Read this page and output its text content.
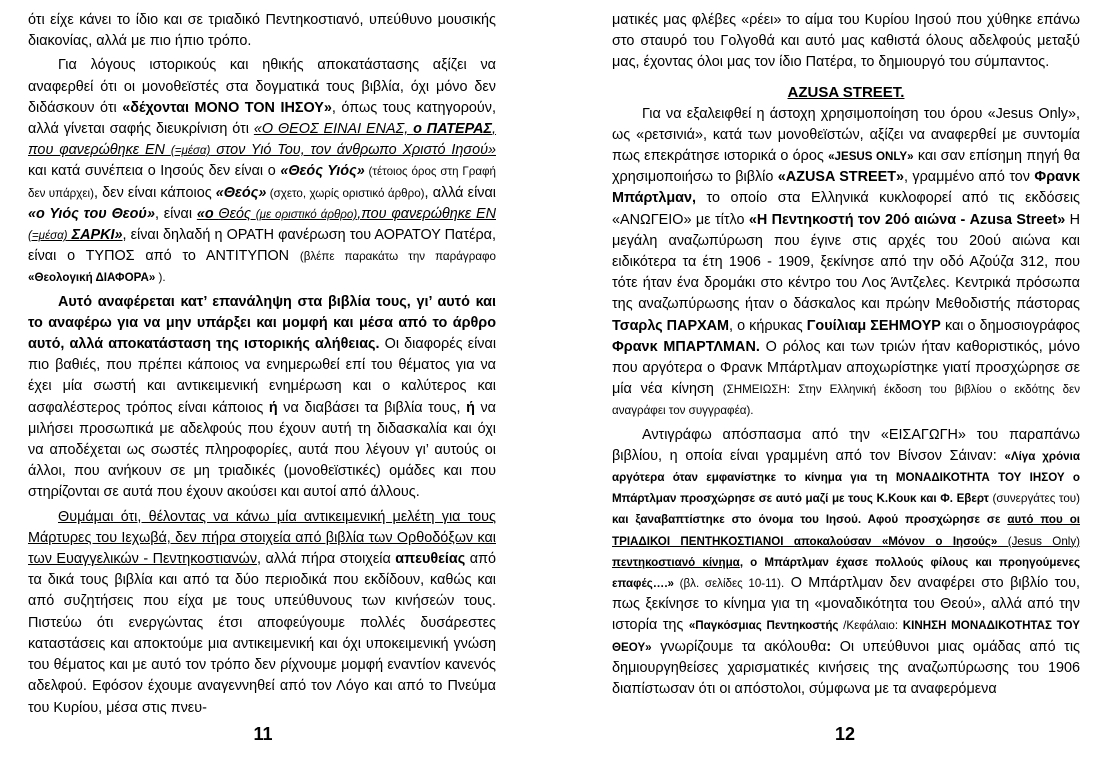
ότι είχε κάνει το ίδιο και σε τριαδικό Πεντηκοστιανό, υπεύθυνο μουσικής διακονίας, αλλά με πιο ήπιο τρόπο.

Για λόγους ιστορικούς και ηθικής αποκατάστασης αξίζει να αναφερθεί ότι οι μονοθεϊστές στα δογματικά τους βιβλία, όχι μόνο δεν διδάσκουν ότι «δέχονται ΜΟΝΟ ΤΟΝ ΙΗΣΟΥ», όπως τους κατηγορούν, αλλά γίνεται σαφής διευκρίνιση ότι «Ο ΘΕΟΣ ΕΙΝΑΙ ΕΝΑΣ, ο ΠΑΤΕΡΑΣ, που φανερώθηκε ΕΝ (=μέσα) στον Υιό Του, τον άνθρωπο Χριστό Ιησού» και κατά συνέπεια ο Ιησούς δεν είναι ο «Θεός Υιός» (τέτοιος όρος στη Γραφή δεν υπάρχει), δεν είναι κάποιος «Θεός» (σχετο, χωρίς οριστικό άρθρο), αλλά είναι «ο Υιός του Θεού», είναι «ο Θεός (με οριστικό άρθρο),που φανερώθηκε ΕΝ (=μέσα) ΣΑΡΚΙ», είναι δηλαδή η ΟΡΑΤΗ φανέρωση του ΑΟΡΑΤΟΥ Πατέρα, είναι ο ΤΥΠΟΣ από το ΑΝΤΙΤΥΠΟΝ (βλέπε παρακάτω την παράγραφο «Θεολογική ΔΙΑΦΟΡΑ» ).

Αυτό αναφέρεται κατ’ επανάληψη στα βιβλία τους, γι’ αυτό και το αναφέρω για να μην υπάρξει και μομφή και μέσα από το άρθρο αυτό, αλλά αποκατάσταση της ιστορικής αλήθειας. Οι διαφορές είναι πιο βαθιές, που πρέπει κάποιος να ενημερωθεί επί του θέματος για να έχει μία σωστή και αντικειμενική ενημέρωση και ο καλύτερος και ασφαλέστερος τρόπος είναι κάποιος ή να διαβάσει τα βιβλία τους, ή να μιλήσει προσωπικά με αδελφούς που έχουν αυτή τη διδασκαλία και όχι να αποδέχεται ως σωστές πληροφορίες, αυτά που λέγουν γι’ αυτούς οι άλλοι, που ανήκουν σε μη τριαδικές (μονοθεϊστικές) ομάδες και που στηρίζονται σε αυτά που έχουν ακούσει και αυτοί από άλλους.

Θυμάμαι ότι, θέλοντας να κάνω μία αντικειμενική μελέτη για τους Μάρτυρες του Ιεχωβά, δεν πήρα στοιχεία από βιβλία των Ορθοδόξων και των Ευαγγελικών - Πεντηκοστιανών, αλλά πήρα στοιχεία απευθείας από τα δικά τους βιβλία και από τα δύο περιοδικά που εκδίδουν, καθώς και από συζητήσεις που είχα με τους υπεύθυνους των κινήσεών τους. Πιστεύω ότι ενεργώντας έτσι αποφεύγουμε πολλές δυσάρεστες καταστάσεις και αποκτούμε μια αντικειμενική και όχι υποκειμενική γνώση του θέματος και με αυτό τον τρόπο δεν ρίχνουμε μομφή εναντίον κανενός αδελφού. Εφόσον έχουμε αναγεννηθεί από τον Λόγο και από το Πνεύμα του Κυρίου, μέσα στις πνευ-

ματικές μας φλέβες «ρέει» το αίμα του Κυρίου Ιησού που χύθηκε επάνω στο σταυρό του Γολγοθά και αυτό μας καθιστά όλους αδελφούς μεταξύ μας, έχοντας όλοι μας τον ίδιο Πατέρα, το δημιουργό του σύμπαντος.

AZUSA STREET.

Για να εξαλειφθεί η άστοχη χρησιμοποίηση του όρου «Jesus Only», ως «ρετσινιά», κατά των μονοθεϊστών, αξίζει να αναφερθεί με συντομία πως επεκράτησε ιστορικά ο όρος «JESUS ONLY» και σαν επίσημη πηγή θα χρησιμοποιήσω το βιβλίο «AZUSA STREET», γραμμένο από τον Φρανκ Μπάρτλμαν, το οποίο στα Ελληνικά κυκλοφορεί από τις εκδόσεις «ΑΝΩΓΕΙΟ» με τίτλο «Η Πεντηκοστή τον 20ό αιώνα - Azusa Street» Η μεγάλη αναζωπύρωση που έγινε στις αρχές του 20ού αιώνα και ειδικότερα τα έτη 1906 - 1909, ξεκίνησε από την οδό Αζούζα 312, που τότε ήταν ένα δρομάκι στο κέντρο του Λος Άντζελες. Κεντρικά πρόσωπα της αναζωπύρωσης ήταν ο δάσκαλος και πρώην Μεθοδιστής πάστορας Τσαρλς ΠΑΡΧΑΜ, ο κήρυκας Γουίλιαμ ΣΕΗΜΟΥΡ και ο δημοσιογράφος Φρανκ ΜΠΑΡΤΛΜΑΝ. Ο ρόλος και των τριών ήταν καθοριστικός, μόνο που αργότερα ο Φρανκ Μπάρτλμαν αποχωρίστηκε γιατί προσχώρησε σε μία νέα κίνηση (ΣΗΜΕΙΩΣΗ: Στην Ελληνική έκδοση του βιβλίου ο εκδότης δεν αναγράφει τον συγγραφέα).

Αντιγράφω απόσπασμα από την «ΕΙΣΑΓΩΓΗ» του παραπάνω βιβλίου, η οποία είναι γραμμένη από τον Βίνσον Σάιναν: «Λίγα χρόνια αργότερα όταν εμφανίστηκε το κίνημα για τη ΜΟΝΑΔΙΚΟΤΗΤΑ ΤΟΥ ΙΗΣΟΥ ο Μπάρτλμαν προσχώρησε σε αυτό μαζί με τους Κ.Κουκ και Φ. Εβερτ (συνεργάτες του) και ξαναβαπτίστηκε στο όνομα του Ιησού. Αφού προσχώρησε σε αυτό που οι ΤΡΙΑΔΙΚΟΙ ΠΕΝΤΗΚΟΣΤΙΑΝΟΙ αποκαλούσαν «Μόνον ο Ιησούς» (Jesus Only) πεντηκοστιανό κίνημα, ο Μπάρτλμαν έχασε πολλούς φίλους και προηγούμενες επαφές….» (βλ. σελίδες 10-11). Ο Μπάρτλμαν δεν αναφέρει στο βιβλίο του, πως ξεκίνησε το κίνημα για τη «μοναδικότητα του Θεού», αλλά από την ιστορία της «Παγκόσμιας Πεντηκοστής /Κεφάλαιο: ΚΙΝΗΣΗ ΜΟΝΑΔΙΚΟΤΗΤΑΣ ΤΟΥ ΘΕΟΥ» γνωρίζουμε τα ακόλουθα: Οι υπεύθυνοι μιας ομάδας από τις δημιουργηθείσες χαρισματικές κινήσεις της αναζωπύρωσης του 1906 διαπίστωσαν ότι οι απόστολοι, σύμφωνα με τα αναφερόμενα

11	12
